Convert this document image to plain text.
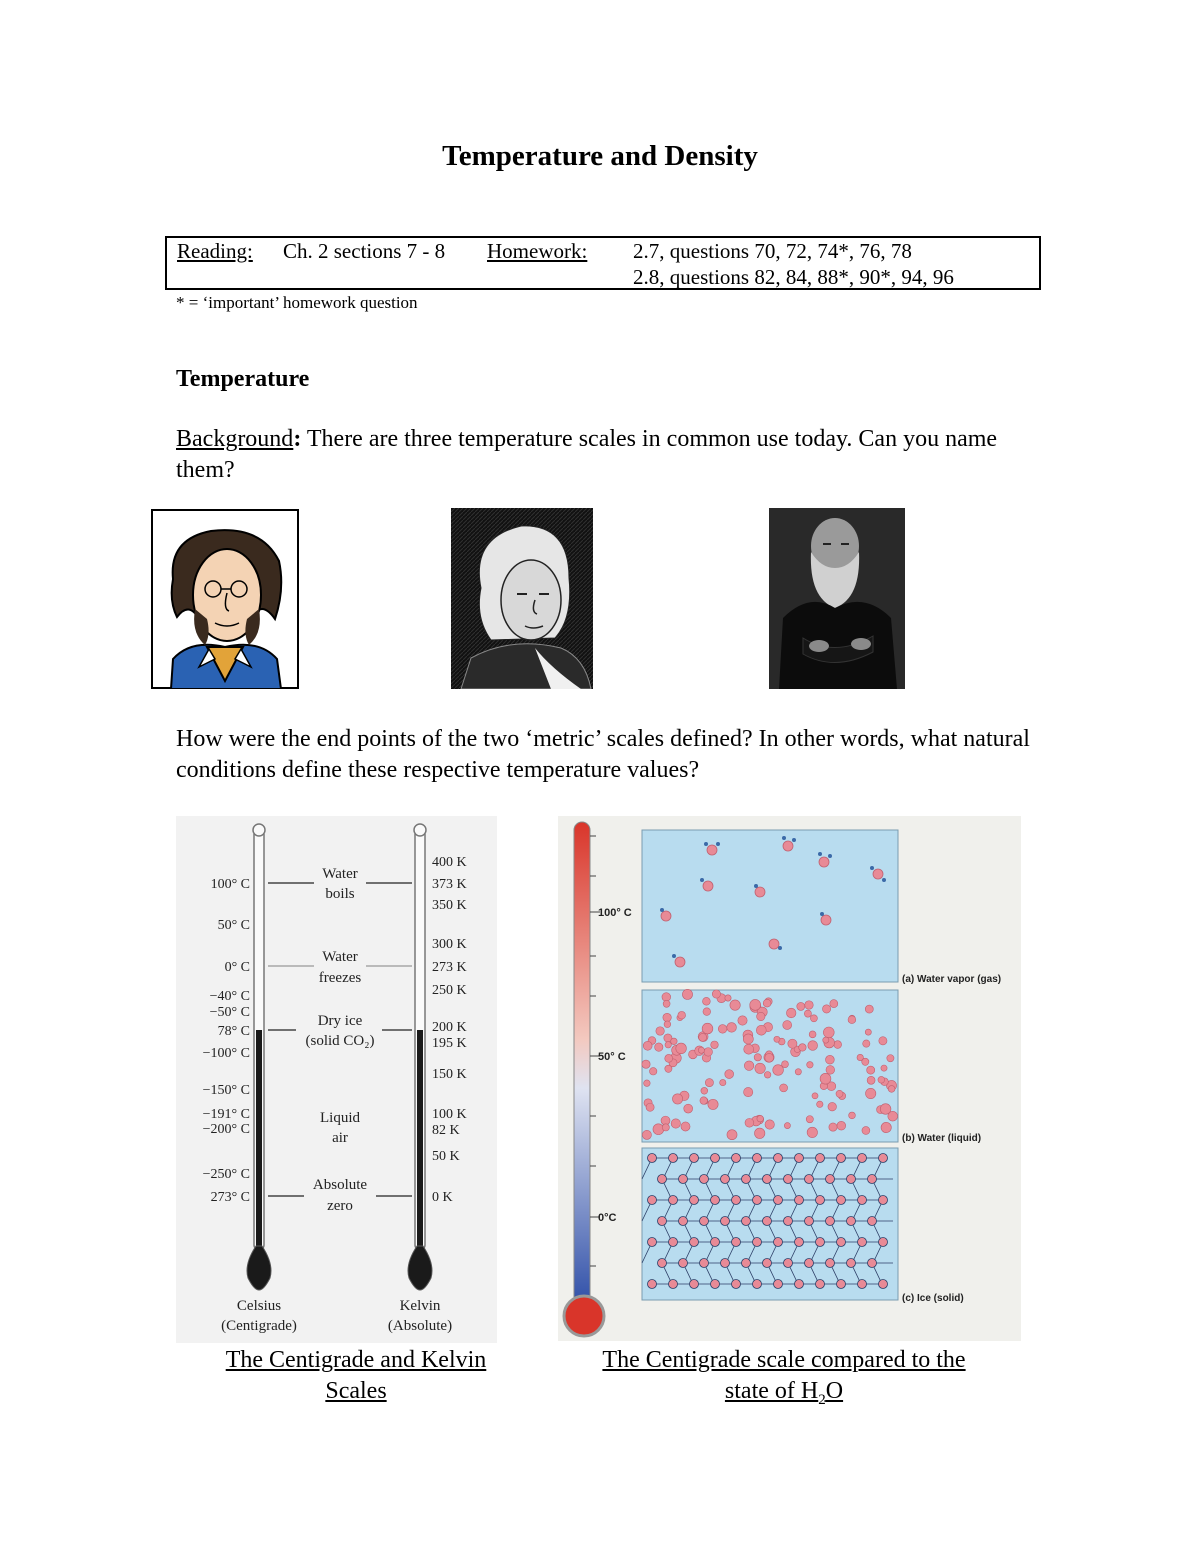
Temperature and Density
Reading: Ch. 2 sections 7 - 8 Homework: 2.7, questions 70, 72, 74*, 76, 78
2.8, questions 82, 84, 88*, 90*, 94, 96
* = ‘important’ homework question
Temperature

Background: There are three temperature scales in common use today. Can you name them?

How were the end points of the two ‘metric’ scales defined? In other words, what natural conditions define these respective temperature values?

100° C
50° C
0° C
−40° C
−50° C
78° C
−100° C
−150° C
−191° C
−200° C
−250° C
273° C
400 K
373 K
350 K
300 K
273 K
250 K
200 K
195 K
150 K
100 K
82 K
50 K
0 K
Water
boils
Water
freezes
Dry ice
(solid CO₂)
Liquid
air
Absolute
zero
Celsius
(Centigrade)
Kelvin
(Absolute)
100° C
50° C
0°C
(a) Water vapor (gas)
(b) Water (liquid)
(c) Ice (solid)
The Centigrade and Kelvin
Scales
The Centigrade scale compared to the
state of $H_2O$
